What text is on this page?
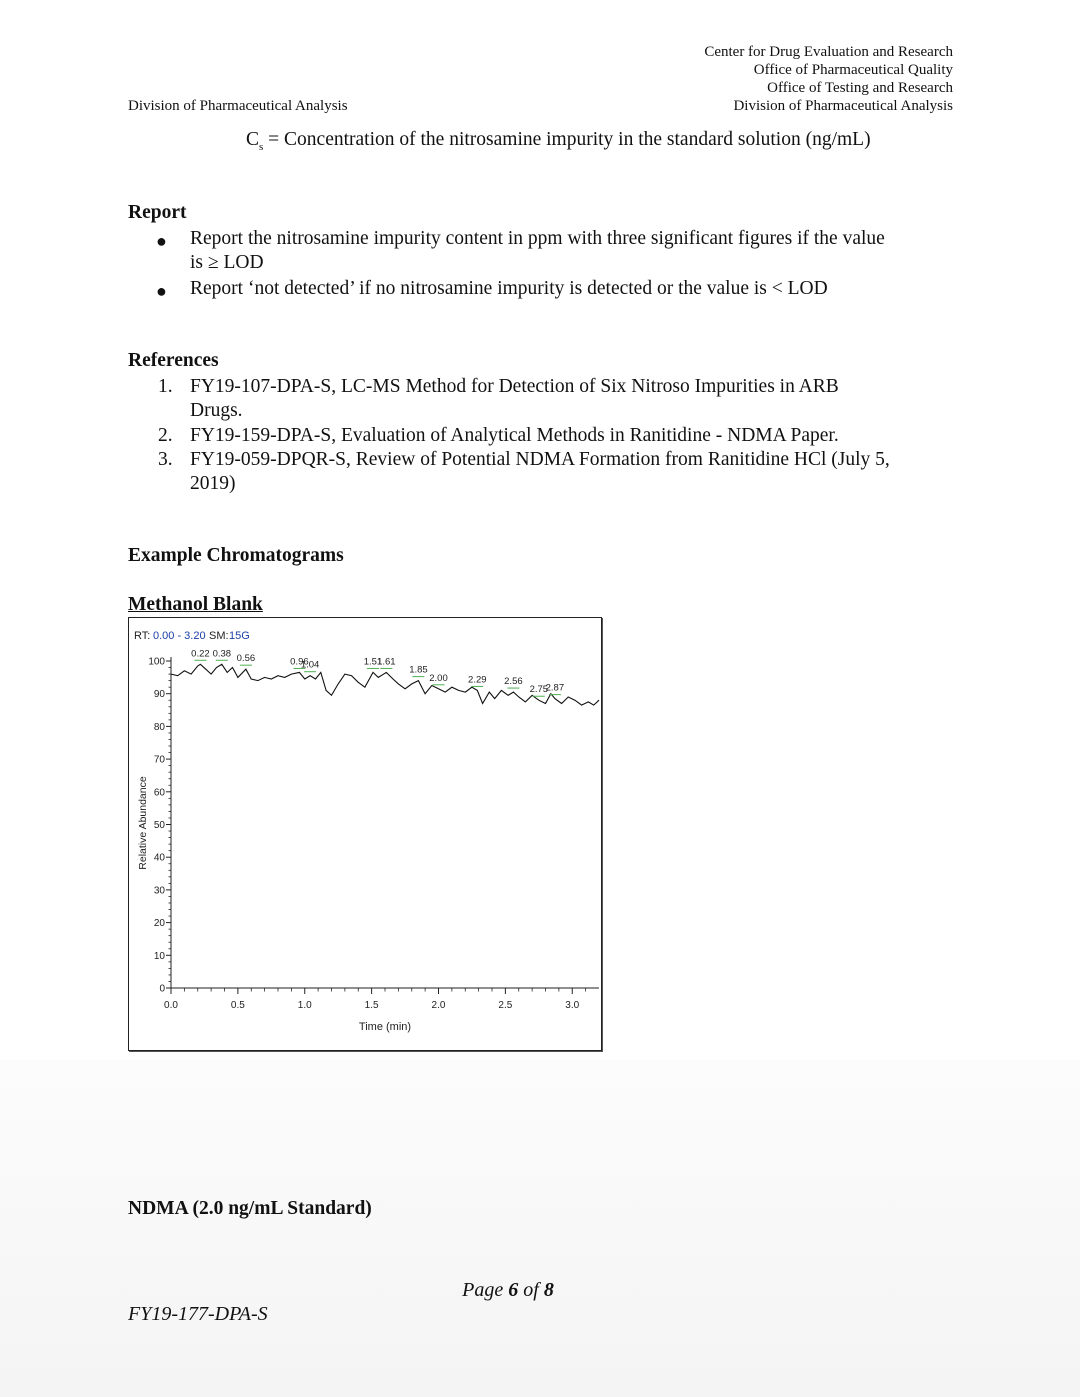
Center for Drug Evaluation and Research
Office of Pharmaceutical Quality
Office of Testing and Research
Division of Pharmaceutical Analysis
Division of Pharmaceutical Analysis
$C_s$ = Concentration of the nitrosamine impurity in the standard solution (ng/mL)
Report
● Report the nitrosamine impurity content in ppm with three significant figures if the value
is ≥ LOD
● Report ‘not detected’ if no nitrosamine impurity is detected or the value is < LOD
References
1. FY19-107-DPA-S, LC-MS Method for Detection of Six Nitroso Impurities in ARB
Drugs.
2. FY19-159-DPA-S, Evaluation of Analytical Methods in Ranitidine - NDMA Paper.
3. FY19-059-DPQR-S, Review of Potential NDMA Formation from Ranitidine HCl (July 5,
2019)
Example Chromatograms
Methanol Blank
RT: 0.00 - 3.20 SM: 15G
Relative Abundance
Time (min)
0
10
20
30
40
50
60
70
80
90
100
0.0	0.5	1.0	1.5	2.0	2.5	3.0
0.22 0.38 0.56	0.96
1.04	1.51
1.61
1.85
2.00 2.29 2.56
2.75
2.87
NDMA (2.0 ng/mL Standard)
Page 6 of 8
FY19-177-DPA-S
